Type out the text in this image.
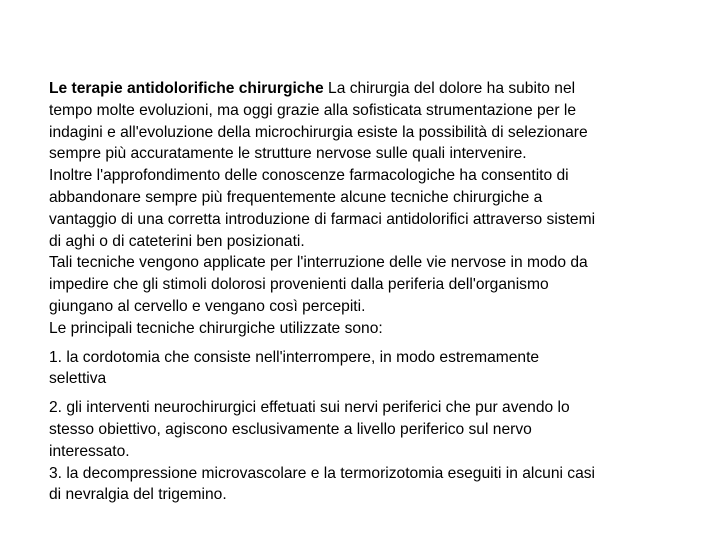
Le terapie antidolorifiche chirurgiche La chirurgia del dolore ha subito nel
tempo molte evoluzioni, ma oggi grazie alla sofisticata strumentazione per le
indagini e all'evoluzione della microchirurgia esiste la possibilità di selezionare
sempre più accuratamente le strutture nervose sulle quali intervenire.
Inoltre l'approfondimento delle conoscenze farmacologiche ha consentito di
abbandonare sempre più frequentemente alcune tecniche chirurgiche a
vantaggio di una corretta introduzione di farmaci antidolorifici attraverso sistemi
di aghi o di cateterini ben posizionati.
Tali tecniche vengono applicate per l'interruzione delle vie nervose in modo da
impedire che gli stimoli dolorosi provenienti dalla periferia dell'organismo
giungano al cervello e vengano così percepiti.
Le principali tecniche chirurgiche utilizzate sono:
1. la cordotomia che consiste nell'interrompere, in modo estremamente
selettiva
2. gli interventi neurochirurgici effetuati sui nervi periferici che pur avendo lo
stesso obiettivo, agiscono esclusivamente a livello periferico sul nervo
interessato.
3. la decompressione microvascolare e la termorizotomia eseguiti in alcuni casi
di nevralgia del trigemino.
